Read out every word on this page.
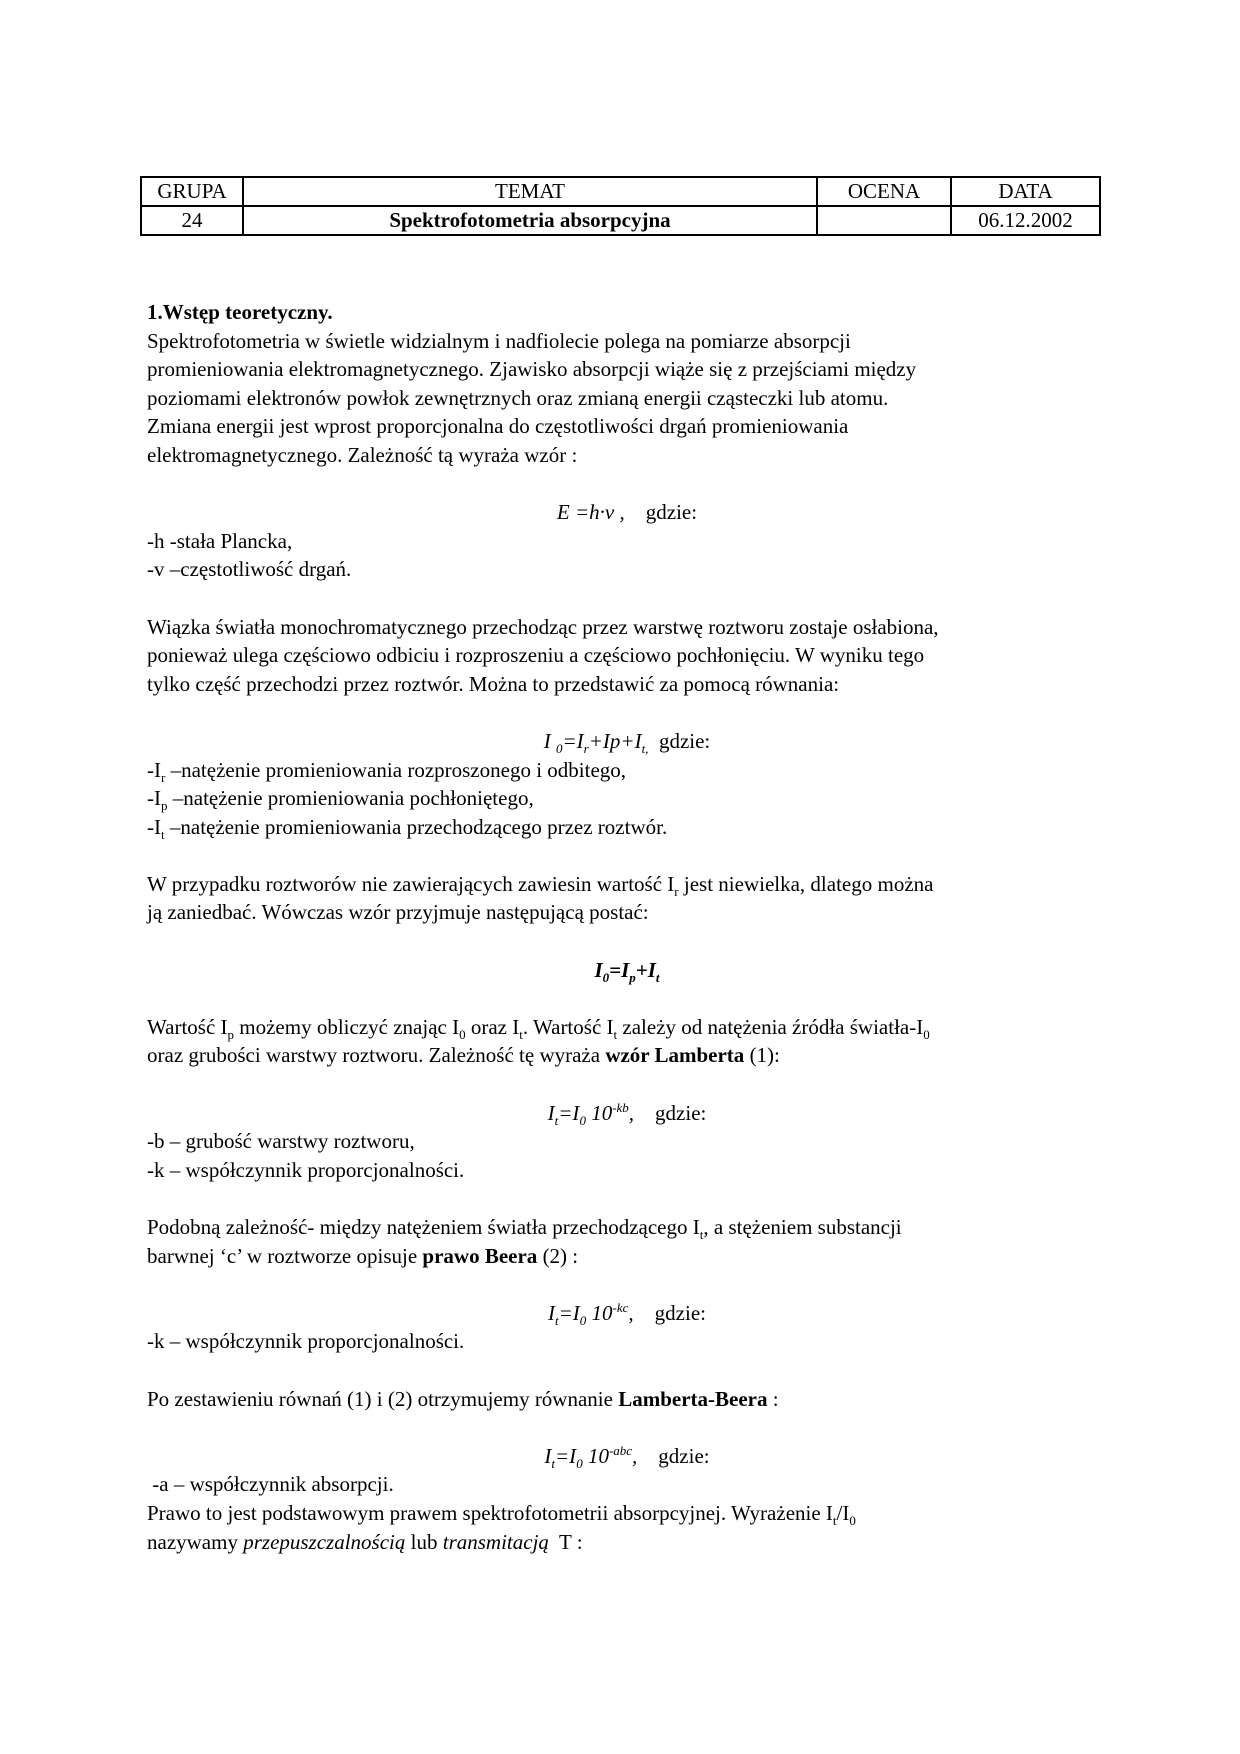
GRUPA	TEMAT	OCENA	DATA
24	Spektrofotometria absorpcyjna		06.12.2002

1.Wstęp teoretyczny.

Spektrofotometria w świetle widzialnym i nadfiolecie polega na pomiarze absorpcji

promieniowania elektromagnetycznego. Zjawisko absorpcji wiąże się z przejściami między

poziomami elektronów powłok zewnętrznych oraz zmianą energii cząsteczki lub atomu.

Zmiana energii jest wprost proporcjonalna do częstotliwości drgań promieniowania

elektromagnetycznego. Zależność tą wyraża wzór :

E =h·v , gdzie:

-h -stała Plancka,

-v –częstotliwość drgań.

Wiązka światła monochromatycznego przechodząc przez warstwę roztworu zostaje osłabiona,

ponieważ ulega częściowo odbiciu i rozproszeniu a częściowo pochłonięciu. W wyniku tego

tylko część przechodzi przez roztwór. Można to przedstawić za pomocą równania:

I $_0=I_r+Ip+I_{t,}$ gdzie:

$-I_r$ –natężenie promieniowania rozproszonego i odbitego,

$-I_p$ –natężenie promieniowania pochłoniętego,

$-I_t$ –natężenie promieniowania przechodzącego przez roztwór.

W przypadku roztworów nie zawierających zawiesin wartość $I_r$ jest niewielka, dlatego można

ją zaniedbać. Wówczas wzór przyjmuje następującą postać:

$I_0=I_p+I_t$

Wartość $I_p$ możemy obliczyć znając $I_0$ oraz $I_t$. Wartość $I_t$ zależy od natężenia źródła światła-$I_0$

oraz grubości warstwy roztworu. Zależność tę wyraża wzór Lamberta (1):

$I_t=I_0$ $10^{-kb}$, gdzie:

-b – grubość warstwy roztworu,

-k – współczynnik proporcjonalności.

Podobną zależność- między natężeniem światła przechodzącego $I_t$, a stężeniem substancji

barwnej ‘c’ w roztworze opisuje prawo Beera (2) :

$I_t=I_0$ $10^{-kc}$, gdzie:

-k – współczynnik proporcjonalności.

Po zestawieniu równań (1) i (2) otrzymujemy równanie Lamberta-Beera :

$I_t=I_0$ $10^{-abc}$, gdzie:

-a – współczynnik absorpcji.

Prawo to jest podstawowym prawem spektrofotometrii absorpcyjnej. Wyrażenie $I_t/I_0$

nazywamy przepuszczalnością lub transmitacją  T :
